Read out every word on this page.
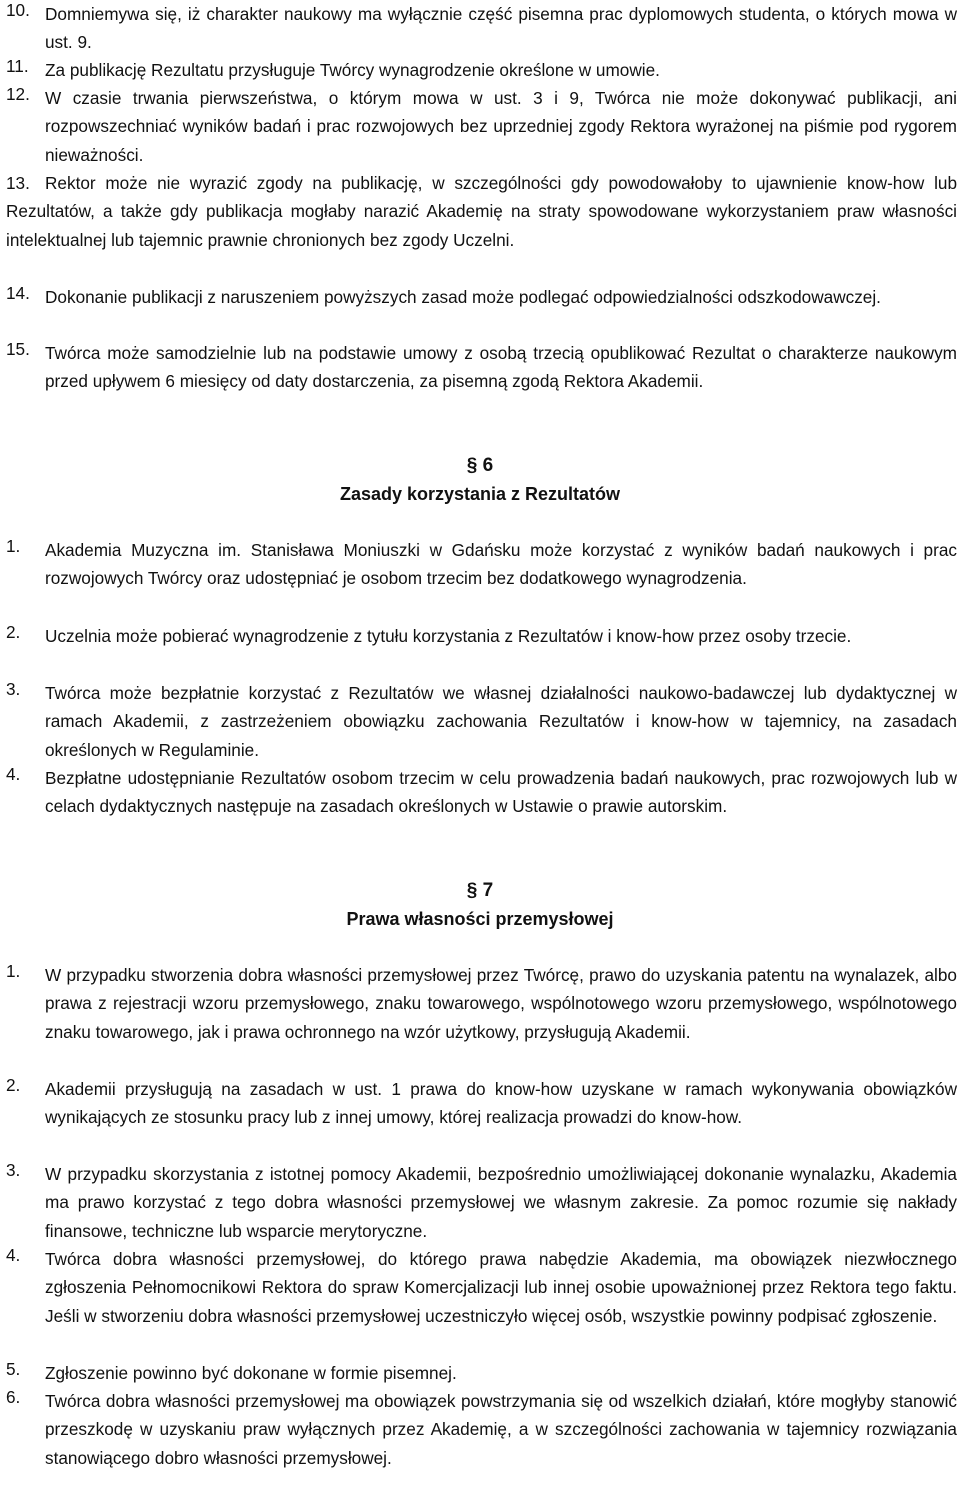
10. Domniemywa się, iż charakter naukowy ma wyłącznie część pisemna prac dyplomowych studenta, o których mowa w ust. 9.
11. Za publikację Rezultatu przysługuje Twórcy wynagrodzenie określone w umowie.
12. W czasie trwania pierwszeństwa, o którym mowa w ust. 3 i 9, Twórca nie może dokonywać publikacji, ani rozpowszechniać wyników badań i prac rozwojowych bez uprzedniej zgody Rektora wyrażonej na piśmie pod rygorem nieważności.
13. Rektor może nie wyrazić zgody na publikację, w szczególności gdy powodowałoby to ujawnienie know-how lub Rezultatów, a także gdy publikacja mogłaby narazić Akademię na straty spowodowane wykorzystaniem praw własności intelektualnej lub tajemnic prawnie chronionych bez zgody Uczelni.
14. Dokonanie publikacji z naruszeniem powyższych zasad może podlegać odpowiedzialności odszkodowawczej.
15. Twórca może samodzielnie lub na podstawie umowy z osobą trzecią opublikować Rezultat o charakterze naukowym przed upływem 6 miesięcy od daty dostarczenia, za pisemną zgodą Rektora Akademii.
§ 6
Zasady korzystania z Rezultatów
1. Akademia Muzyczna im. Stanisława Moniuszki w Gdańsku może korzystać z wyników badań naukowych i prac rozwojowych Twórcy oraz udostępniać je osobom trzecim bez dodatkowego wynagrodzenia.
2. Uczelnia może pobierać wynagrodzenie z tytułu korzystania z Rezultatów i know-how przez osoby trzecie.
3. Twórca może bezpłatnie korzystać z Rezultatów we własnej działalności naukowo-badawczej lub dydaktycznej w ramach Akademii, z zastrzeżeniem obowiązku zachowania Rezultatów i know-how w tajemnicy, na zasadach określonych w Regulaminie.
4. Bezpłatne udostępnianie Rezultatów osobom trzecim w celu prowadzenia badań naukowych, prac rozwojowych lub w celach dydaktycznych następuje na zasadach określonych w Ustawie o prawie autorskim.
§ 7
Prawa własności przemysłowej
1. W przypadku stworzenia dobra własności przemysłowej przez Twórcę, prawo do uzyskania patentu na wynalazek, albo prawa z rejestracji wzoru przemysłowego, znaku towarowego, wspólnotowego wzoru przemysłowego, wspólnotowego znaku towarowego, jak i prawa ochronnego na wzór użytkowy, przysługują Akademii.
2. Akademii przysługują na zasadach w ust. 1 prawa do know-how uzyskane w ramach wykonywania obowiązków wynikających ze stosunku pracy lub z innej umowy, której realizacja prowadzi do know-how.
3. W przypadku skorzystania z istotnej pomocy Akademii, bezpośrednio umożliwiającej dokonanie wynalazku, Akademia ma prawo korzystać z tego dobra własności przemysłowej we własnym zakresie. Za pomoc rozumie się nakłady finansowe, techniczne lub wsparcie merytoryczne.
4. Twórca dobra własności przemysłowej, do którego prawa nabędzie Akademia, ma obowiązek niezwłocznego zgłoszenia Pełnomocnikowi Rektora do spraw Komercjalizacji lub innej osobie upoważnionej przez Rektora tego faktu. Jeśli w stworzeniu dobra własności przemysłowej uczestniczyło więcej osób, wszystkie powinny podpisać zgłoszenie.
5. Zgłoszenie powinno być dokonane w formie pisemnej.
6. Twórca dobra własności przemysłowej ma obowiązek powstrzymania się od wszelkich działań, które mogłyby stanowić przeszkodę w uzyskaniu praw wyłącznych przez Akademię, a w szczególności zachowania w tajemnicy rozwiązania stanowiącego dobro własności przemysłowej.
